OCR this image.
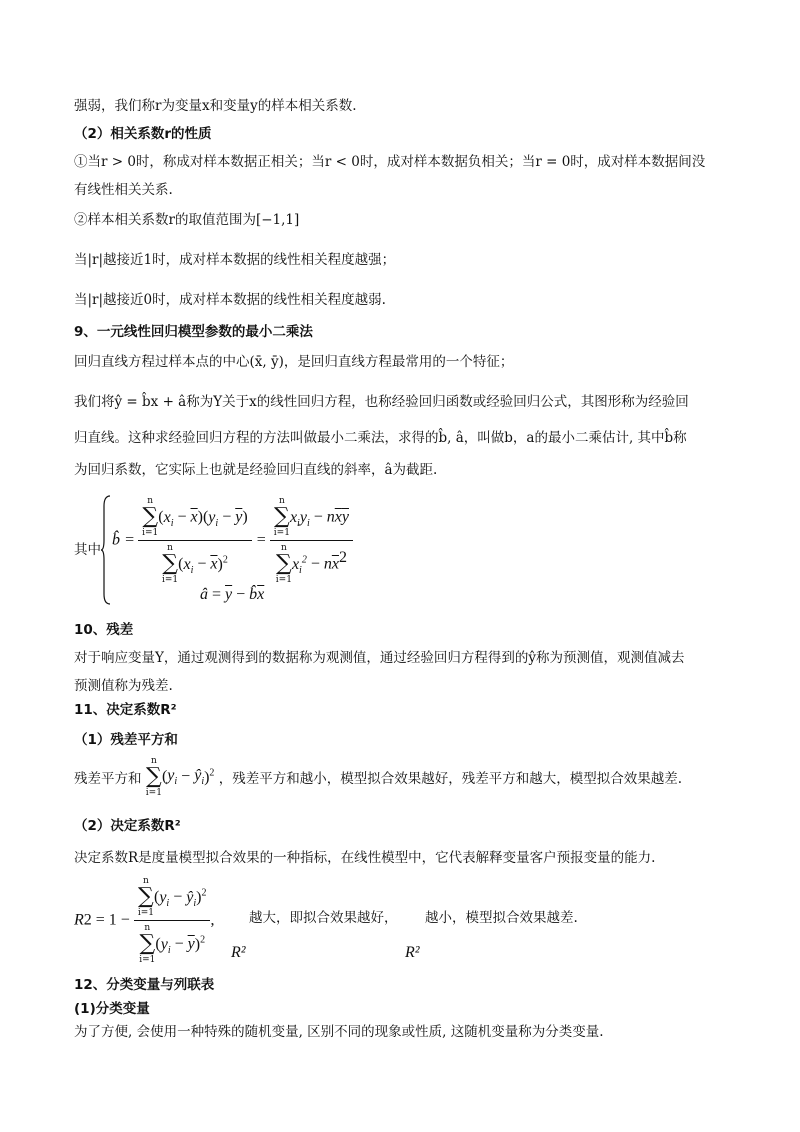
强弱，我们称r为变量x和变量y的样本相关系数.
（2）相关系数r的性质
①当r > 0时，称成对样本数据正相关；当r < 0时，成对样本数据负相关；当r = 0时，成对样本数据间没
有线性相关关系.
②样本相关系数r的取值范围为[−1,1]
当|r|越接近1时，成对样本数据的线性相关程度越强；
当|r|越接近0时，成对样本数据的线性相关程度越弱.
9、一元线性回归模型参数的最小二乘法
回归直线方程过样本点的中心(x̄, ȳ)，是回归直线方程最常用的一个特征；
我们将ŷ = b̂x + â称为Y关于x的线性回归方程，也称经验回归函数或经验回归公式，其图形称为经验回
归直线。这种求经验回归方程的方法叫做最小二乘法，求得的b̂, â，叫做b，a的最小二乘估计, 其中b̂称
为回归系数，它实际上也就是经验回归直线的斜率，â为截距.
其中
b̂ = n
∑
$i=1(x_i - \overline{x})(y_i - \overline{y})$
n
∑
$i=1(x_i - \overline{x})^2 = n$
∑
$i=1x_iy_i - n\overline{x}\overline{y}$
n
∑
$i=1x_i^2 - n\overline{x}^2$
â = $\overline{y}$ − $b̂\overline{x}$
10、残差
对于响应变量Y，通过观测得到的数据称为观测值，通过经验回归方程得到的ŷ称为预测值，观测值减去
预测值称为残差.
11、决定系数R²
（1）残差平方和
残差平方和 n
∑
$i=1(y_i$ − $ŷ_i)^2$ ，残差平方和越小，模型拟合效果越好，残差平方和越大，模型拟合效果越差.
（2）决定系数R²
决定系数R是度量模型拟合效果的一种指标，在线性模型中，它代表解释变量客户预报变量的能力.
R2 = 1 − n
∑
$i=1(y_i$ − $ŷ_i)^2$
n
∑
$i=1(y_i - \overline{y})^2$ ,	越大，即拟合效果越好， 越小，模型拟合效果越差.
R²	R²
12、分类变量与列联表
(1)分类变量
为了方便, 会使用一种特殊的随机变量, 区别不同的现象或性质, 这随机变量称为分类变量.
